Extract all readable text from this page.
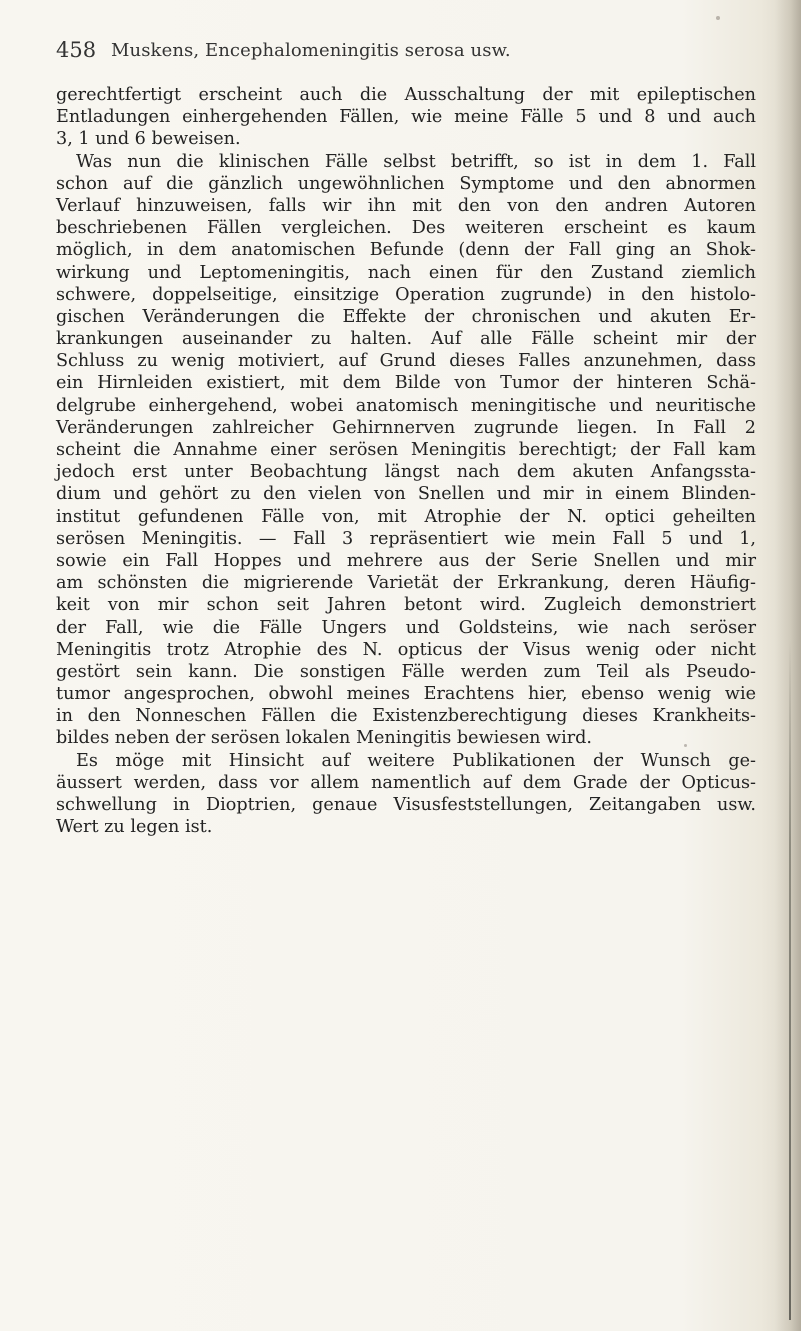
458 Muskens, Encephalomeningitis serosa usw.
gerechtfertigt erscheint auch die Ausschaltung der mit epileptischen
Entladungen einhergehenden Fällen, wie meine Fälle 5 und 8 und auch
3, 1 und 6 beweisen.
Was nun die klinischen Fälle selbst betrifft, so ist in dem 1. Fall
schon auf die gänzlich ungewöhnlichen Symptome und den abnormen
Verlauf hinzuweisen, falls wir ihn mit den von den andren Autoren
beschriebenen Fällen vergleichen. Des weiteren erscheint es kaum
möglich, in dem anatomischen Befunde (denn der Fall ging an Shok-
wirkung und Leptomeningitis, nach einen für den Zustand ziemlich
schwere, doppelseitige, einsitzige Operation zugrunde) in den histolo-
gischen Veränderungen die Effekte der chronischen und akuten Er-
krankungen auseinander zu halten. Auf alle Fälle scheint mir der
Schluss zu wenig motiviert, auf Grund dieses Falles anzunehmen, dass
ein Hirnleiden existiert, mit dem Bilde von Tumor der hinteren Schä-
delgrube einhergehend, wobei anatomisch meningitische und neuritische
Veränderungen zahlreicher Gehirnnerven zugrunde liegen. In Fall 2
scheint die Annahme einer serösen Meningitis berechtigt; der Fall kam
jedoch erst unter Beobachtung längst nach dem akuten Anfangssta-
dium und gehört zu den vielen von Snellen und mir in einem Blinden-
institut gefundenen Fälle von, mit Atrophie der N. optici geheilten
serösen Meningitis. — Fall 3 repräsentiert wie mein Fall 5 und 1,
sowie ein Fall Hoppes und mehrere aus der Serie Snellen und mir
am schönsten die migrierende Varietät der Erkrankung, deren Häufig-
keit von mir schon seit Jahren betont wird. Zugleich demonstriert
der Fall, wie die Fälle Ungers und Goldsteins, wie nach seröser
Meningitis trotz Atrophie des N. opticus der Visus wenig oder nicht
gestört sein kann. Die sonstigen Fälle werden zum Teil als Pseudo-
tumor angesprochen, obwohl meines Erachtens hier, ebenso wenig wie
in den Nonneschen Fällen die Existenzberechtigung dieses Krankheits-
bildes neben der serösen lokalen Meningitis bewiesen wird.
Es möge mit Hinsicht auf weitere Publikationen der Wunsch ge-
äussert werden, dass vor allem namentlich auf dem Grade der Opticus-
schwellung in Dioptrien, genaue Visusfeststellungen, Zeitangaben usw.
Wert zu legen ist.
